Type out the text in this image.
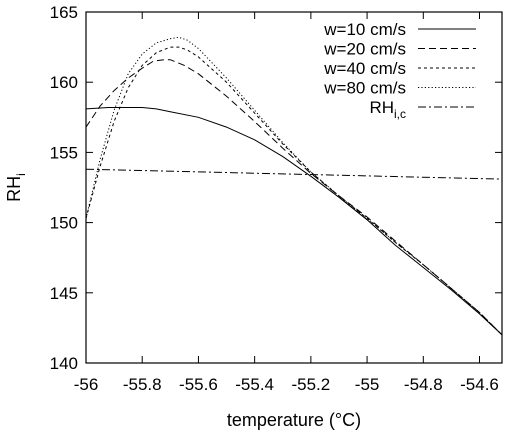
-56 -55.8 -55.6 -55.4 -55.2 -55 -54.8 -54.6
140
145
150
155
160
165
w=10 cm/s
w=20 cm/s
w=40 cm/s
w=80 cm/s
$RH_{i,c}$
temperature (°C)
$RH_i$
